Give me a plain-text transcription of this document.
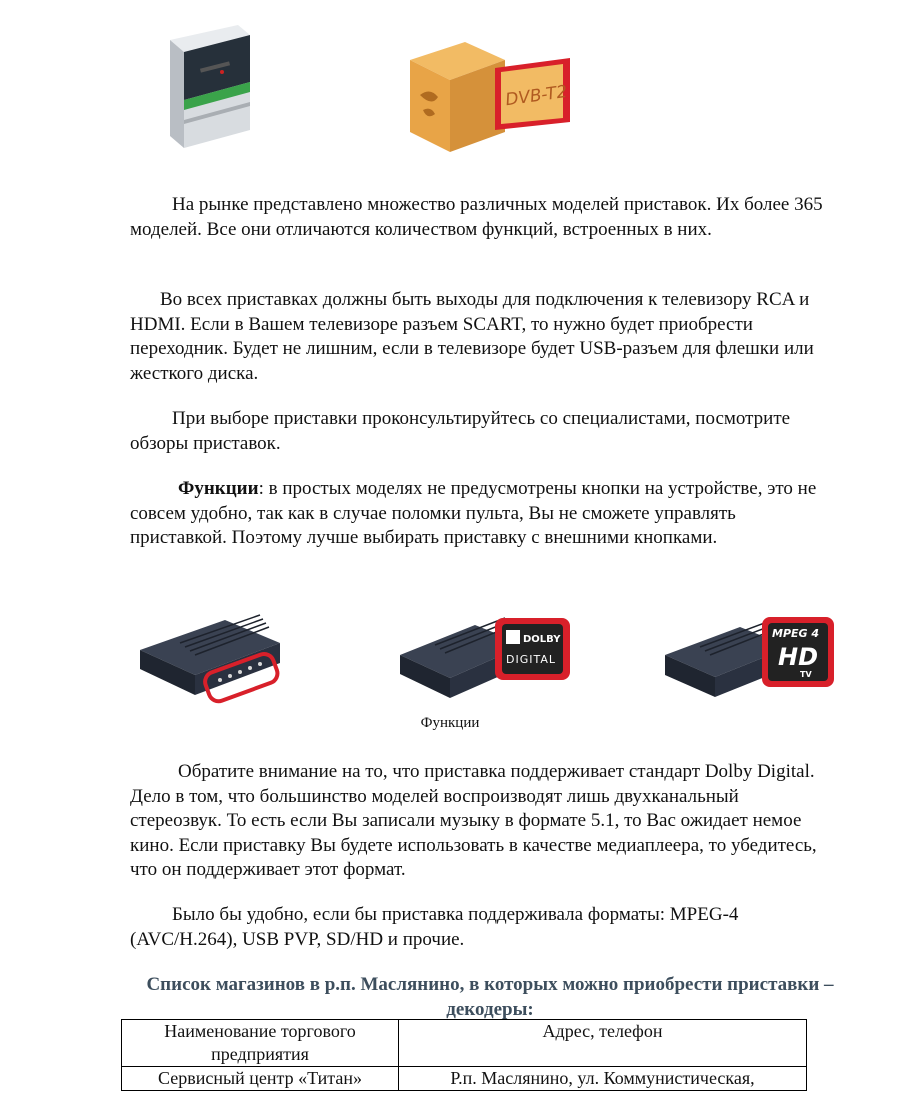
DVB-T2

На рынке представлено множество различных моделей приставок. Их более 365 моделей. Все они отличаются количеством функций, встроенных в них.

Во всех приставках должны быть выходы для подключения к телевизору RCA и HDMI. Если в Вашем телевизоре разъем SCART, то нужно будет приобрести переходник. Будет не лишним, если в телевизоре будет USB-разъем для флешки или жесткого диска.

При выборе приставки проконсультируйтесь со специалистами, посмотрите обзоры приставок.

Функции: в простых моделях не предусмотрены кнопки на устройстве, это не совсем удобно, так как в случае поломки пульта, Вы не сможете управлять приставкой. Поэтому лучше выбирать приставку с внешними кнопками.

DOLBY
DIGITAL
MPEG 4
HD
TV
Функции

Обратите внимание на то, что приставка поддерживает стандарт Dolby Digital. Дело в том, что большинство моделей воспроизводят лишь двухканальный стереозвук. То есть если Вы записали музыку в формате 5.1, то Вас ожидает немое кино. Если приставку Вы будете использовать в качестве медиаплеера, то убедитесь, что он поддерживает этот формат.

Было бы удобно, если бы приставка поддерживала форматы: MPEG-4 (AVC/H.264), USB PVP, SD/HD и прочие.

Список магазинов в р.п. Маслянино, в которых можно приобрести приставки – декодеры:

Наименование торгового предприятия	Адрес, телефон
Сервисный центр «Титан»	Р.п. Маслянино, ул. Коммунистическая,
